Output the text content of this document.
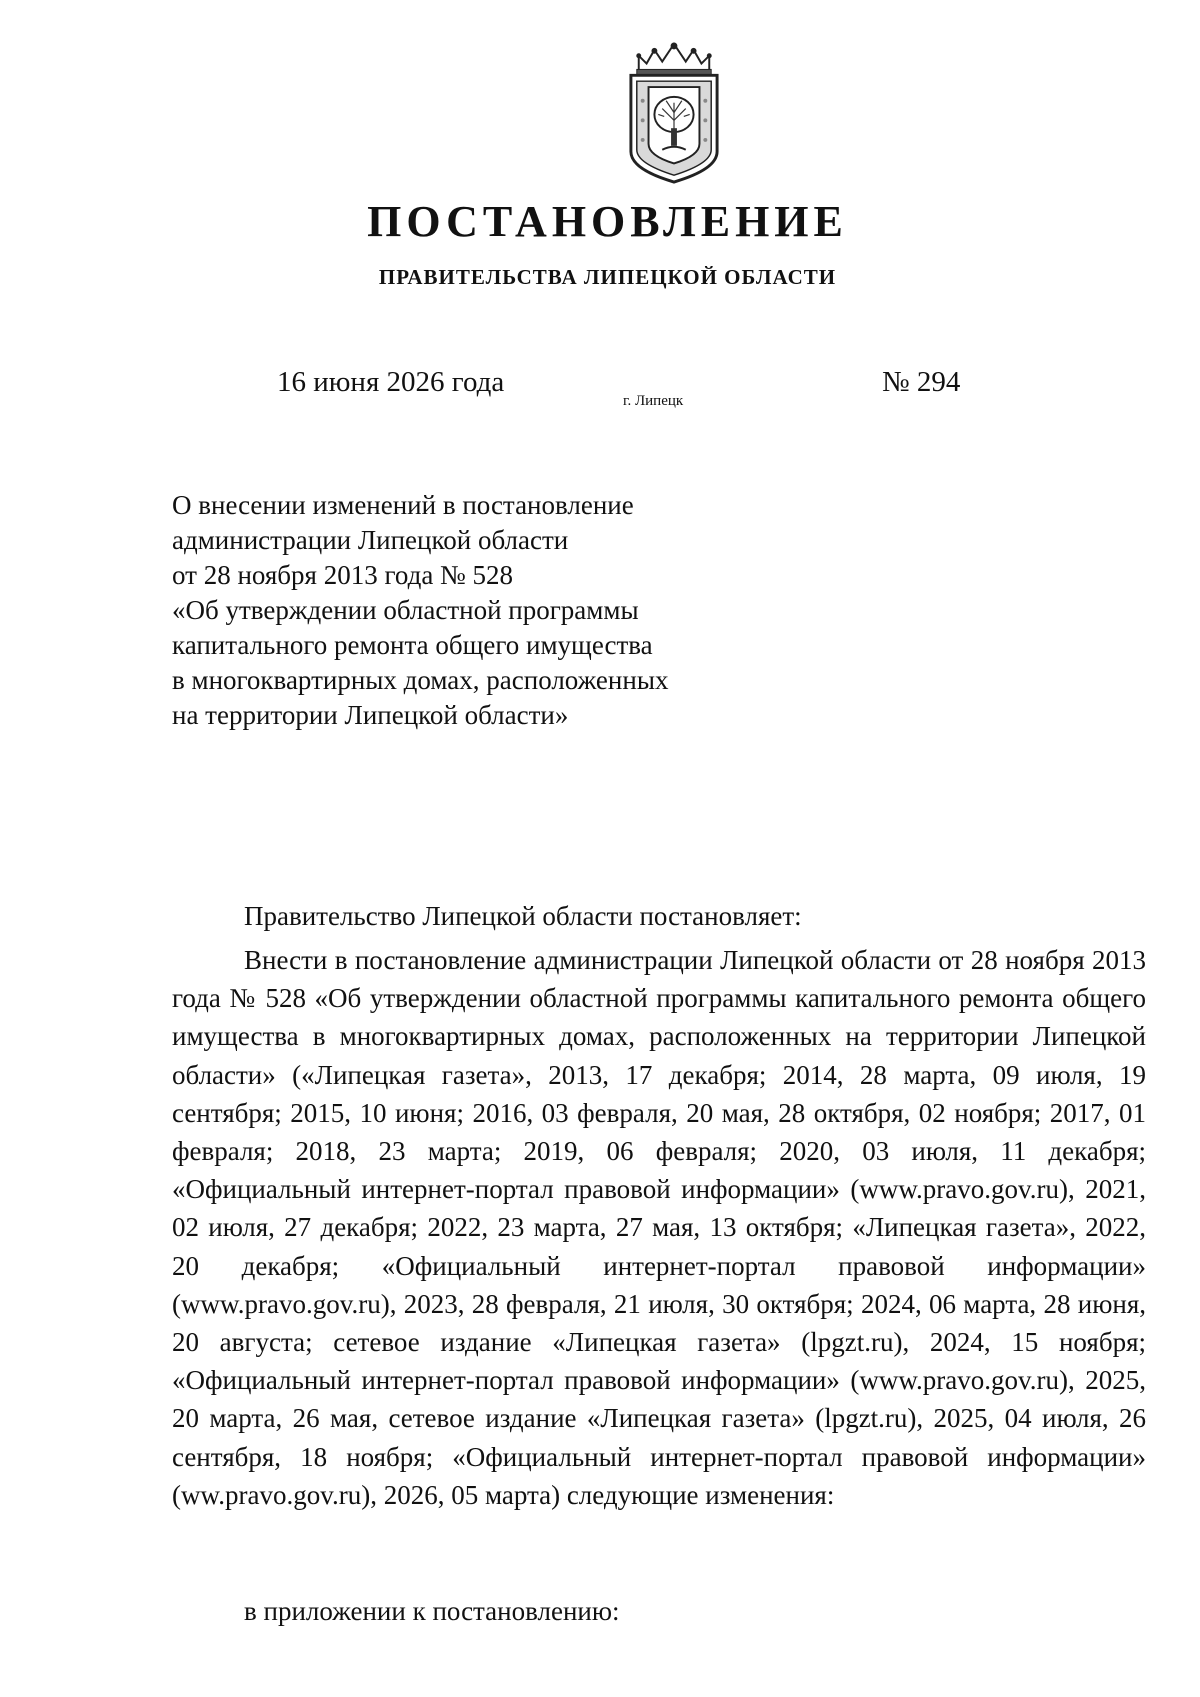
ПОСТАНОВЛЕНИЕ
ПРАВИТЕЛЬСТВА ЛИПЕЦКОЙ ОБЛАСТИ
16 июня 2026 года
г. Липецк
№ 294
О внесении изменений в постановление
администрации Липецкой области
от 28 ноября 2013 года № 528
«Об утверждении областной программы
капитального ремонта общего имущества
в многоквартирных домах, расположенных
на территории Липецкой области»
Правительство Липецкой области постановляет:
Внести в постановление администрации Липецкой области от 28 ноября 2013 года № 528 «Об утверждении областной программы капитального ремонта общего имущества в многоквартирных домах, расположенных на территории Липецкой области» («Липецкая газета», 2013, 17 декабря; 2014, 28 марта, 09 июля, 19 сентября; 2015, 10 июня; 2016, 03 февраля, 20 мая, 28 октября, 02 ноября; 2017, 01 февраля; 2018, 23 марта; 2019, 06 февраля; 2020, 03 июля, 11 декабря; «Официальный интернет-портал правовой информации» (www.pravo.gov.ru), 2021, 02 июля, 27 декабря; 2022, 23 марта, 27 мая, 13 октября; «Липецкая газета», 2022, 20 декабря; «Официальный интернет-портал правовой информации» (www.pravo.gov.ru), 2023, 28 февраля, 21 июля, 30 октября; 2024, 06 марта, 28 июня, 20 августа; сетевое издание «Липецкая газета» (lpgzt.ru), 2024, 15 ноября; «Официальный интернет-портал правовой информации» (www.pravo.gov.ru), 2025, 20 марта, 26 мая, сетевое издание «Липецкая газета» (lpgzt.ru), 2025, 04 июля, 26 сентября, 18 ноября; «Официальный интернет-портал правовой информации» (ww.pravo.gov.ru), 2026, 05 марта) следующие изменения:
в приложении к постановлению:
